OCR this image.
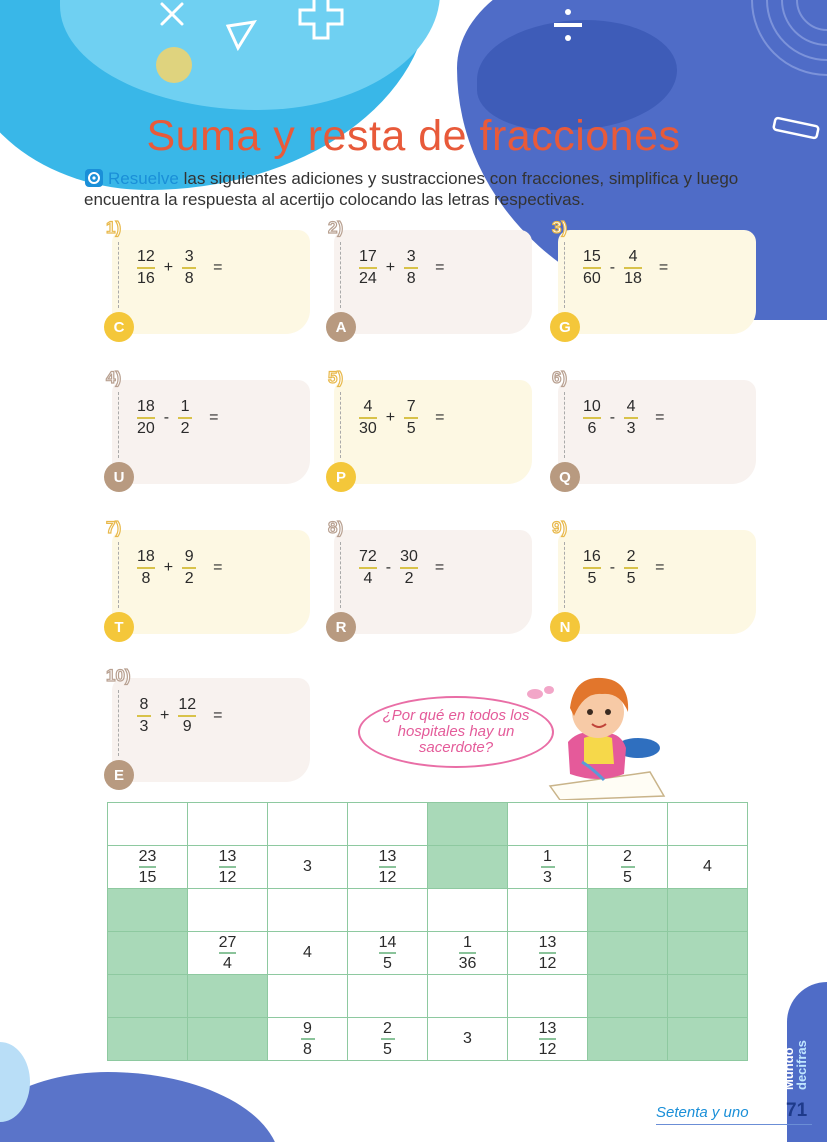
Suma y resta de fracciones
Resuelve las siguientes adiciones y sustracciones con fracciones, simplifica y luego encuentra la respuesta al acertijo colocando las letras respectivas.
1)
$\frac{12}{16} + \frac{3}{8}$ =
C
2)
$\frac{17}{24} + \frac{3}{8}$ =
A
3)
$\frac{15}{60} - \frac{4}{18}$ =
G
4)
$\frac{18}{20} - \frac{1}{2}$ =
U
5)
$\frac{4}{30} + \frac{7}{5}$ =
P
6)
$\frac{10}{6} - \frac{4}{3}$ =
Q
7)
$\frac{18}{8} + \frac{9}{2}$ =
T
8)
$\frac{72}{4} - \frac{30}{2}$ =
R
9)
$\frac{16}{5} - \frac{2}{5}$ =
N
10)
$\frac{8}{3} + \frac{12}{9}$ =
E
¿Por qué en todos los hospitales hay un sacerdote?

$\frac{23}{15}$	$\frac{13}{12}$	3	$\frac{13}{12}$		$\frac{1}{3}$	$\frac{2}{5}$	4

	$\frac{27}{4}$	4	$\frac{14}{5}$	$\frac{1}{36}$	$\frac{13}{12}$

		$\frac{9}{8}$	$\frac{2}{5}$	3	$\frac{13}{12}$

Setenta y uno 71
Mundo
decifras
